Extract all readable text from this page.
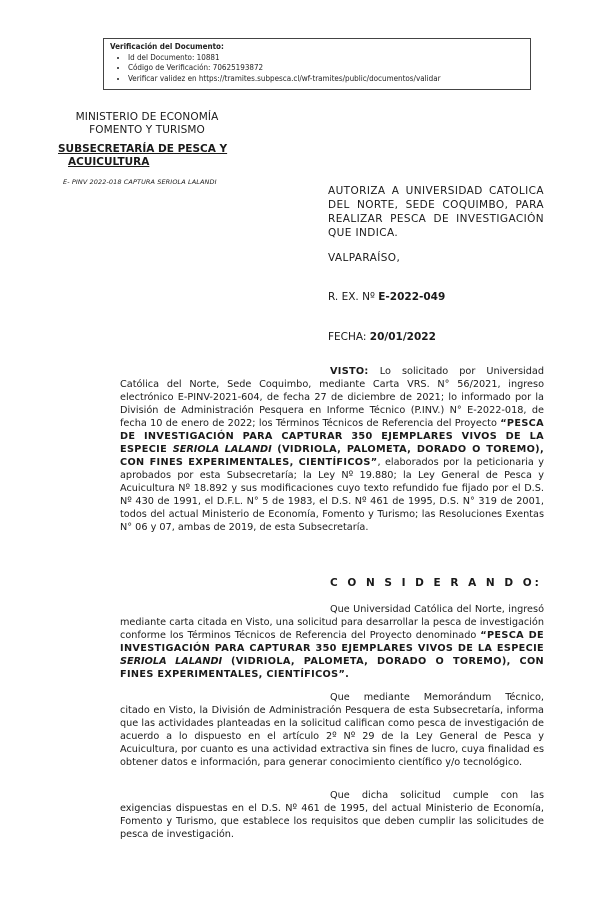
Verificación del Documento:
• Id del Documento: 10881
• Código de Verificación: 70625193872
• Verificar validez en https://tramites.subpesca.cl/wf-tramites/public/documentos/validar
MINISTERIO DE ECONOMÍA
FOMENTO Y TURISMO
SUBSECRETARÍA DE PESCA Y
ACUICULTURA
E- PINV 2022-018 CAPTURA SERIOLA LALANDI
AUTORIZA A UNIVERSIDAD CATOLICA DEL NORTE, SEDE COQUIMBO, PARA REALIZAR PESCA DE INVESTIGACIÓN QUE INDICA.
VALPARAÍSO,
R. EX. Nº E-2022-049
FECHA: 20/01/2022
VISTO: Lo solicitado por Universidad Católica del Norte, Sede Coquimbo, mediante Carta VRS. N° 56/2021, ingreso electrónico E-PINV-2021-604, de fecha 27 de diciembre de 2021; lo informado por la División de Administración Pesquera en Informe Técnico (P.INV.) N° E-2022-018, de fecha 10 de enero de 2022; los Términos Técnicos de Referencia del Proyecto “PESCA DE INVESTIGACIÓN PARA CAPTURAR 350 EJEMPLARES VIVOS DE LA ESPECIE SERIOLA LALANDI (VIDRIOLA, PALOMETA, DORADO O TOREMO), CON FINES EXPERIMENTALES, CIENTÍFICOS”, elaborados por la peticionaria y aprobados por esta Subsecretaría; la Ley Nº 19.880; la Ley General de Pesca y Acuicultura Nº 18.892 y sus modificaciones cuyo texto refundido fue fijado por el D.S. Nº 430 de 1991, el D.F.L. N° 5 de 1983, el D.S. Nº 461 de 1995, D.S. N° 319 de 2001, todos del actual Ministerio de Economía, Fomento y Turismo; las Resoluciones Exentas N° 06 y 07, ambas de 2019, de esta Subsecretaría.
C O N S I D E R A N D O:
Que Universidad Católica del Norte, ingresó mediante carta citada en Visto, una solicitud para desarrollar la pesca de investigación conforme los Términos Técnicos de Referencia del Proyecto denominado “PESCA DE INVESTIGACIÓN PARA CAPTURAR 350 EJEMPLARES VIVOS DE LA ESPECIE SERIOLA LALANDI (VIDRIOLA, PALOMETA, DORADO O TOREMO), CON FINES EXPERIMENTALES, CIENTÍFICOS”.
Que mediante Memorándum Técnico, citado en Visto, la División de Administración Pesquera de esta Subsecretaría, informa que las actividades planteadas en la solicitud califican como pesca de investigación de acuerdo a lo dispuesto en el artículo 2º Nº 29 de la Ley General de Pesca y Acuicultura, por cuanto es una actividad extractiva sin fines de lucro, cuya finalidad es obtener datos e información, para generar conocimiento científico y/o tecnológico.
Que dicha solicitud cumple con las exigencias dispuestas en el D.S. Nº 461 de 1995, del actual Ministerio de Economía, Fomento y Turismo, que establece los requisitos que deben cumplir las solicitudes de pesca de investigación.
